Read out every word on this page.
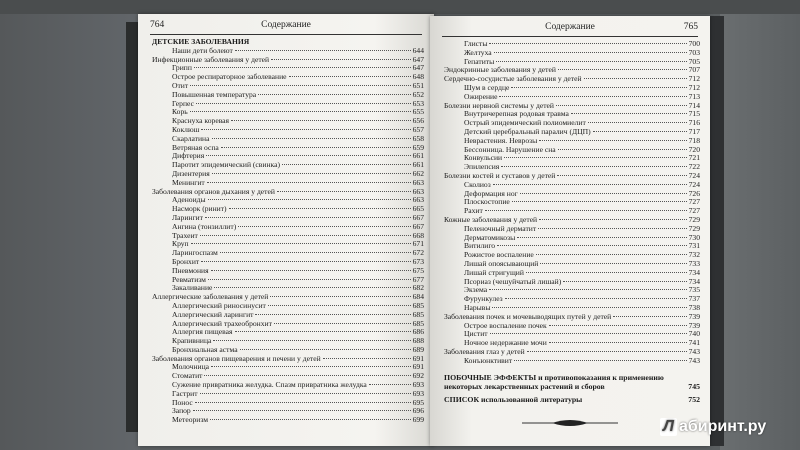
764	Содержание
ДЕТСКИЕ ЗАБОЛЕВАНИЯ
Наши дети болеют	644
Инфекционные заболевания у детей	647
Грипп	647
Острое респираторное заболевание	648
Отит	651
Повышенная температура	652
Герпес	653
Корь	655
Краснуха коревая	656
Коклюш	657
Скарлатина	658
Ветряная оспа	659
Дифтерия	661
Паротит эпидемический (свинка)	661
Дизентерия	662
Менингит	663
Заболевания органов дыхания у детей	663
Аденоиды	663
Насморк (ринит)	665
Ларингит	667
Ангина (тонзиллит)	667
Трахеит	668
Круп	671
Ларингоспазм	672
Бронхит	673
Пневмония	675
Ревматизм	677
Закаливание	682
Аллергические заболевания у детей	684
Аллергический риносинусит	685
Аллергический ларингит	685
Аллергический трахеобронхит	685
Аллергия пищевая	686
Крапивница	688
Бронхиальная астма	689
Заболевания органов пищеварения и печени у детей	691
Молочница	691
Стоматит	692
Сужение привратника желудка. Спазм привратника желудка	693
Гастрит	693
Понос	695
Запор	696
Метеоризм	699
Содержание	765
Глисты	700
Желтуха	703
Гепатиты	705
Эндокринные заболевания у детей	707
Сердечно-сосудистые заболевания у детей	712
Шум в сердце	712
Ожирение	713
Болезни нервной системы у детей	714
Внутричерепная родовая травма	715
Острый эпидемический полиомиелит	716
Детский церебральный паралич (ДЦП)	717
Неврастения. Неврозы	718
Бессонница. Нарушение сна	720
Конвульсии	721
Эпилепсия	722
Болезни костей и суставов у детей	724
Сколиоз	724
Деформация ног	726
Плоскостопие	727
Рахит	727
Кожные заболевания у детей	729
Пеленочный дерматит	729
Дерматомикозы	730
Витилиго	731
Рожистое воспаление	732
Лишай опоясывающий	733
Лишай стригущий	734
Псориаз (чешуйчатый лишай)	734
Экзема	735
Фурункулез	737
Нарывы	738
Заболевания почек и мочевыводящих путей у детей	739
Острое воспаление почек	739
Цистит	740
Ночное недержание мочи	741
Заболевания глаз у детей	743
Конъюнктивит	743
ПОБОЧНЫЕ ЭФФЕКТЫ и противопоказания к применению некоторых лекарственных растений и сборов	745
СПИСОК использованной литературы	752
Л абиринт.ру
